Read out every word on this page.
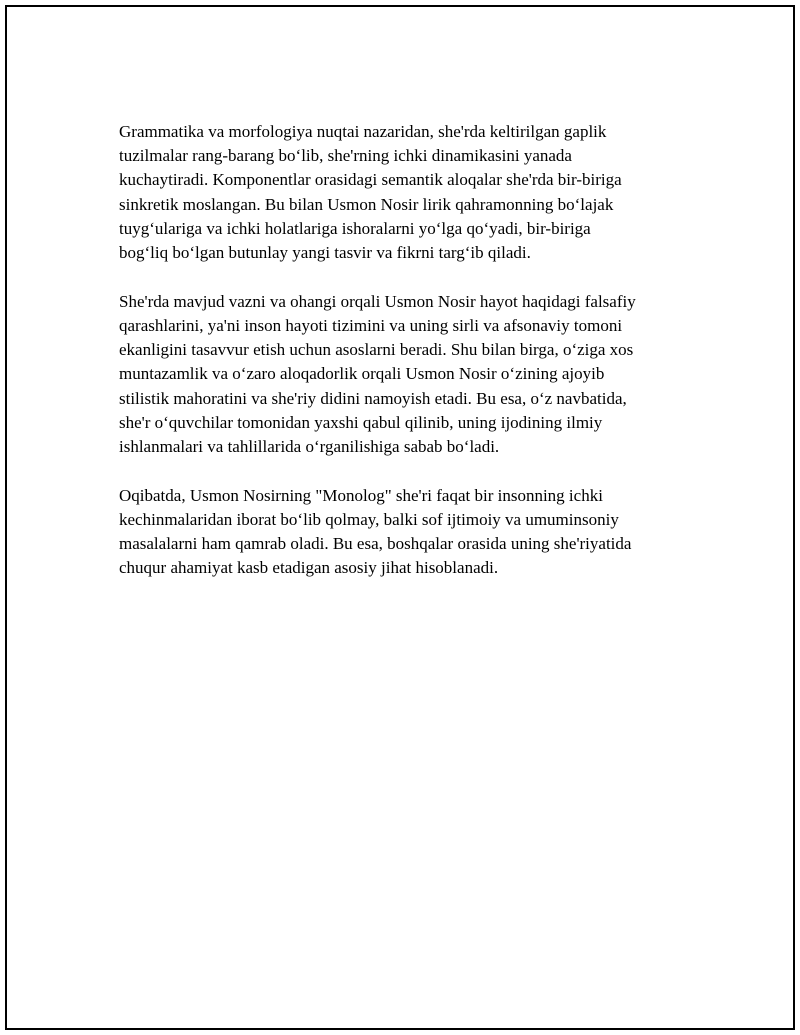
Grammatika va morfologiya nuqtai nazaridan, she'rda keltirilgan gaplik
tuzilmalar rang-barang bo‘lib, she'rning ichki dinamikasini yanada
kuchaytiradi. Komponentlar orasidagi semantik aloqalar she'rda bir-biriga
sinkretik moslangan. Bu bilan Usmon Nosir lirik qahramonning bo‘lajak
tuyg‘ulariga va ichki holatlariga ishoralarni yo‘lga qo‘yadi, bir-biriga
bog‘liq bo‘lgan butunlay yangi tasvir va fikrni targ‘ib qiladi.

She'rda mavjud vazni va ohangi orqali Usmon Nosir hayot haqidagi falsafiy
qarashlarini, ya'ni inson hayoti tizimini va uning sirli va afsonaviy tomoni
ekanligini tasavvur etish uchun asoslarni beradi. Shu bilan birga, o‘ziga xos
muntazamlik va o‘zaro aloqadorlik orqali Usmon Nosir o‘zining ajoyib
stilistik mahoratini va she'riy didini namoyish etadi. Bu esa, o‘z navbatida,
she'r o‘quvchilar tomonidan yaxshi qabul qilinib, uning ijodining ilmiy
ishlanmalari va tahlillarida o‘rganilishiga sabab bo‘ladi.

Oqibatda, Usmon Nosirning "Monolog" she'ri faqat bir insonning ichki
kechinmalaridan iborat bo‘lib qolmay, balki sof ijtimoiy va umuminsoniy
masalalarni ham qamrab oladi. Bu esa, boshqalar orasida uning she'riyatida
chuqur ahamiyat kasb etadigan asosiy jihat hisoblanadi.
